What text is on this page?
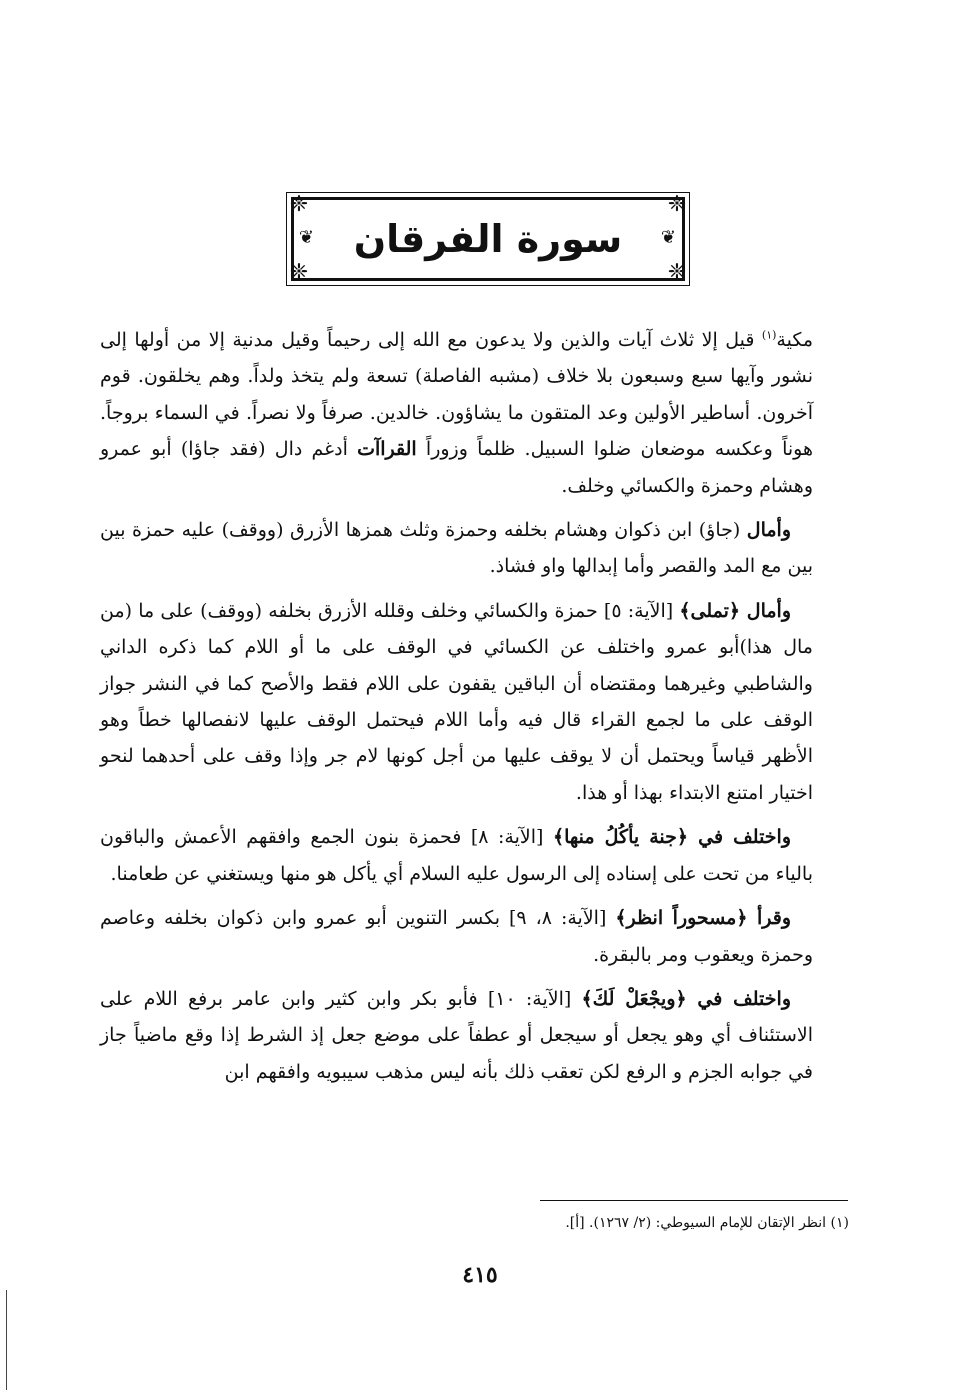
❈
❈
❈
❈
❦
❦ سورة الفرقان

مكية$^{(١)}$ قيل إلا ثلاث آيات والذين ولا يدعون مع الله إلى رحيماً وقيل مدنية إلا من أولها إلى نشور وآيها سبع وسبعون بلا خلاف (مشبه الفاصلة) تسعة ولم يتخذ ولداً. وهم يخلقون. قوم آخرون. أساطير الأولين وعد المتقون ما يشاؤون. خالدين. صرفاً ولا نصراً. في السماء بروجاً. هوناً وعكسه موضعان ضلوا السبيل. ظلماً وزوراً القراآت أدغم دال (فقد جاؤا) أبو عمرو وهشام وحمزة والكسائي وخلف.

وأمال (جاؤ) ابن ذكوان وهشام بخلفه وحمزة وثلث همزها الأزرق (ووقف) عليه حمزة بين بين مع المد والقصر وأما إبدالها واو فشاذ.

وأمال ﴿تملى﴾ [الآية: ٥] حمزة والكسائي وخلف وقلله الأزرق بخلفه (ووقف) على ما (من مال هذا)أبو عمرو واختلف عن الكسائي في الوقف على ما أو اللام كما ذكره الداني والشاطبي وغيرهما ومقتضاه أن الباقين يقفون على اللام فقط والأصح كما في النشر جواز الوقف على ما لجمع القراء قال فيه وأما اللام فيحتمل الوقف عليها لانفصالها خطاً وهو الأظهر قياساً ويحتمل أن لا يوقف عليها من أجل كونها لام جر وإذا وقف على أحدهما لنحو اختيار امتنع الابتداء بهذا أو هذا.

واختلف في ﴿جنة يأكُلُ منها﴾ [الآية: ٨] فحمزة بنون الجمع وافقهم الأعمش والباقون بالياء من تحت على إسناده إلى الرسول عليه السلام أي يأكل هو منها ويستغني عن طعامنا.

وقرأ ﴿مسحوراً انظر﴾ [الآية: ٨، ٩] بكسر التنوين أبو عمرو وابن ذكوان بخلفه وعاصم وحمزة ويعقوب ومر بالبقرة.

واختلف في ﴿ويجْعَلْ لَكَ﴾ [الآية: ١٠] فأبو بكر وابن كثير وابن عامر برفع اللام على الاستئناف أي وهو يجعل أو سيجعل أو عطفاً على موضع جعل إذ الشرط إذا وقع ماضياً جاز في جوابه الجزم و الرفع لكن تعقب ذلك بأنه ليس مذهب سيبويه وافقهم ابن

(١) انظر الإتقان للإمام السيوطي: (٢/ ١٢٦٧). [أ].
٤١٥
